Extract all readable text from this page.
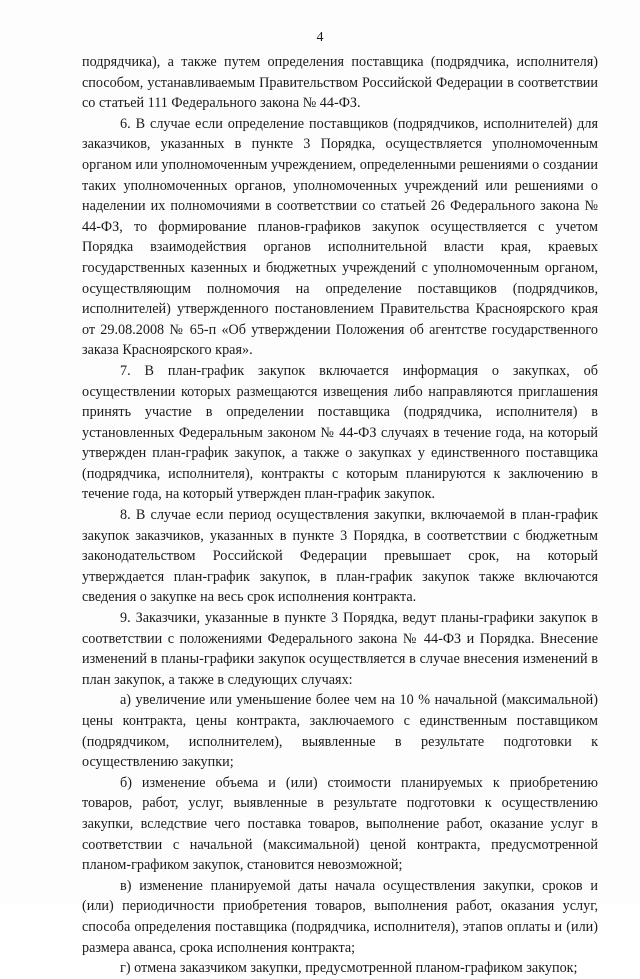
4

подрядчика), а также путем определения поставщика (подрядчика, исполнителя) способом, устанавливаемым Правительством Российской Федерации в соответствии со статьей 111 Федерального закона № 44-ФЗ.

6. В случае если определение поставщиков (подрядчиков, исполнителей) для заказчиков, указанных в пункте 3 Порядка, осуществляется уполномоченным органом или уполномоченным учреждением, определенными решениями о создании таких уполномоченных органов, уполномоченных учреждений или решениями о наделении их полномочиями в соответствии со статьей 26 Федерального закона № 44-ФЗ, то формирование планов-графиков закупок осуществляется с учетом Порядка взаимодействия органов исполнительной власти края, краевых государственных казенных и бюджетных учреждений с уполномоченным органом, осуществляющим полномочия на определение поставщиков (подрядчиков, исполнителей) утвержденного постановлением Правительства Красноярского края от 29.08.2008 № 65-п «Об утверждении Положения об агентстве государственного заказа Красноярского края».

7. В план-график закупок включается информация о закупках, об осуществлении которых размещаются извещения либо направляются приглашения принять участие в определении поставщика (подрядчика, исполнителя) в установленных Федеральным законом № 44-ФЗ случаях в течение года, на который утвержден план-график закупок, а также о закупках у единственного поставщика (подрядчика, исполнителя), контракты с которым планируются к заключению в течение года, на который утвержден план-график закупок.

8. В случае если период осуществления закупки, включаемой в план-график закупок заказчиков, указанных в пункте 3 Порядка, в соответствии с бюджетным законодательством Российской Федерации превышает срок, на который утверждается план-график закупок, в план-график закупок также включаются сведения о закупке на весь срок исполнения контракта.

9. Заказчики, указанные в пункте 3 Порядка, ведут планы-графики закупок в соответствии с положениями Федерального закона № 44-ФЗ и Порядка. Внесение изменений в планы-графики закупок осуществляется в случае внесения изменений в план закупок, а также в следующих случаях:

а) увеличение или уменьшение более чем на 10 % начальной (максимальной) цены контракта, цены контракта, заключаемого с единственным поставщиком (подрядчиком, исполнителем), выявленные в результате подготовки к осуществлению закупки;

б) изменение объема и (или) стоимости планируемых к приобретению товаров, работ, услуг, выявленные в результате подготовки к осуществлению закупки, вследствие чего поставка товаров, выполнение работ, оказание услуг в соответствии с начальной (максимальной) ценой контракта, предусмотренной планом-графиком закупок, становится невозможной;

в) изменение планируемой даты начала осуществления закупки, сроков и (или) периодичности приобретения товаров, выполнения работ, оказания услуг, способа определения поставщика (подрядчика, исполнителя), этапов оплаты и (или) размера аванса, срока исполнения контракта;

г) отмена заказчиком закупки, предусмотренной планом-графиком закупок;
